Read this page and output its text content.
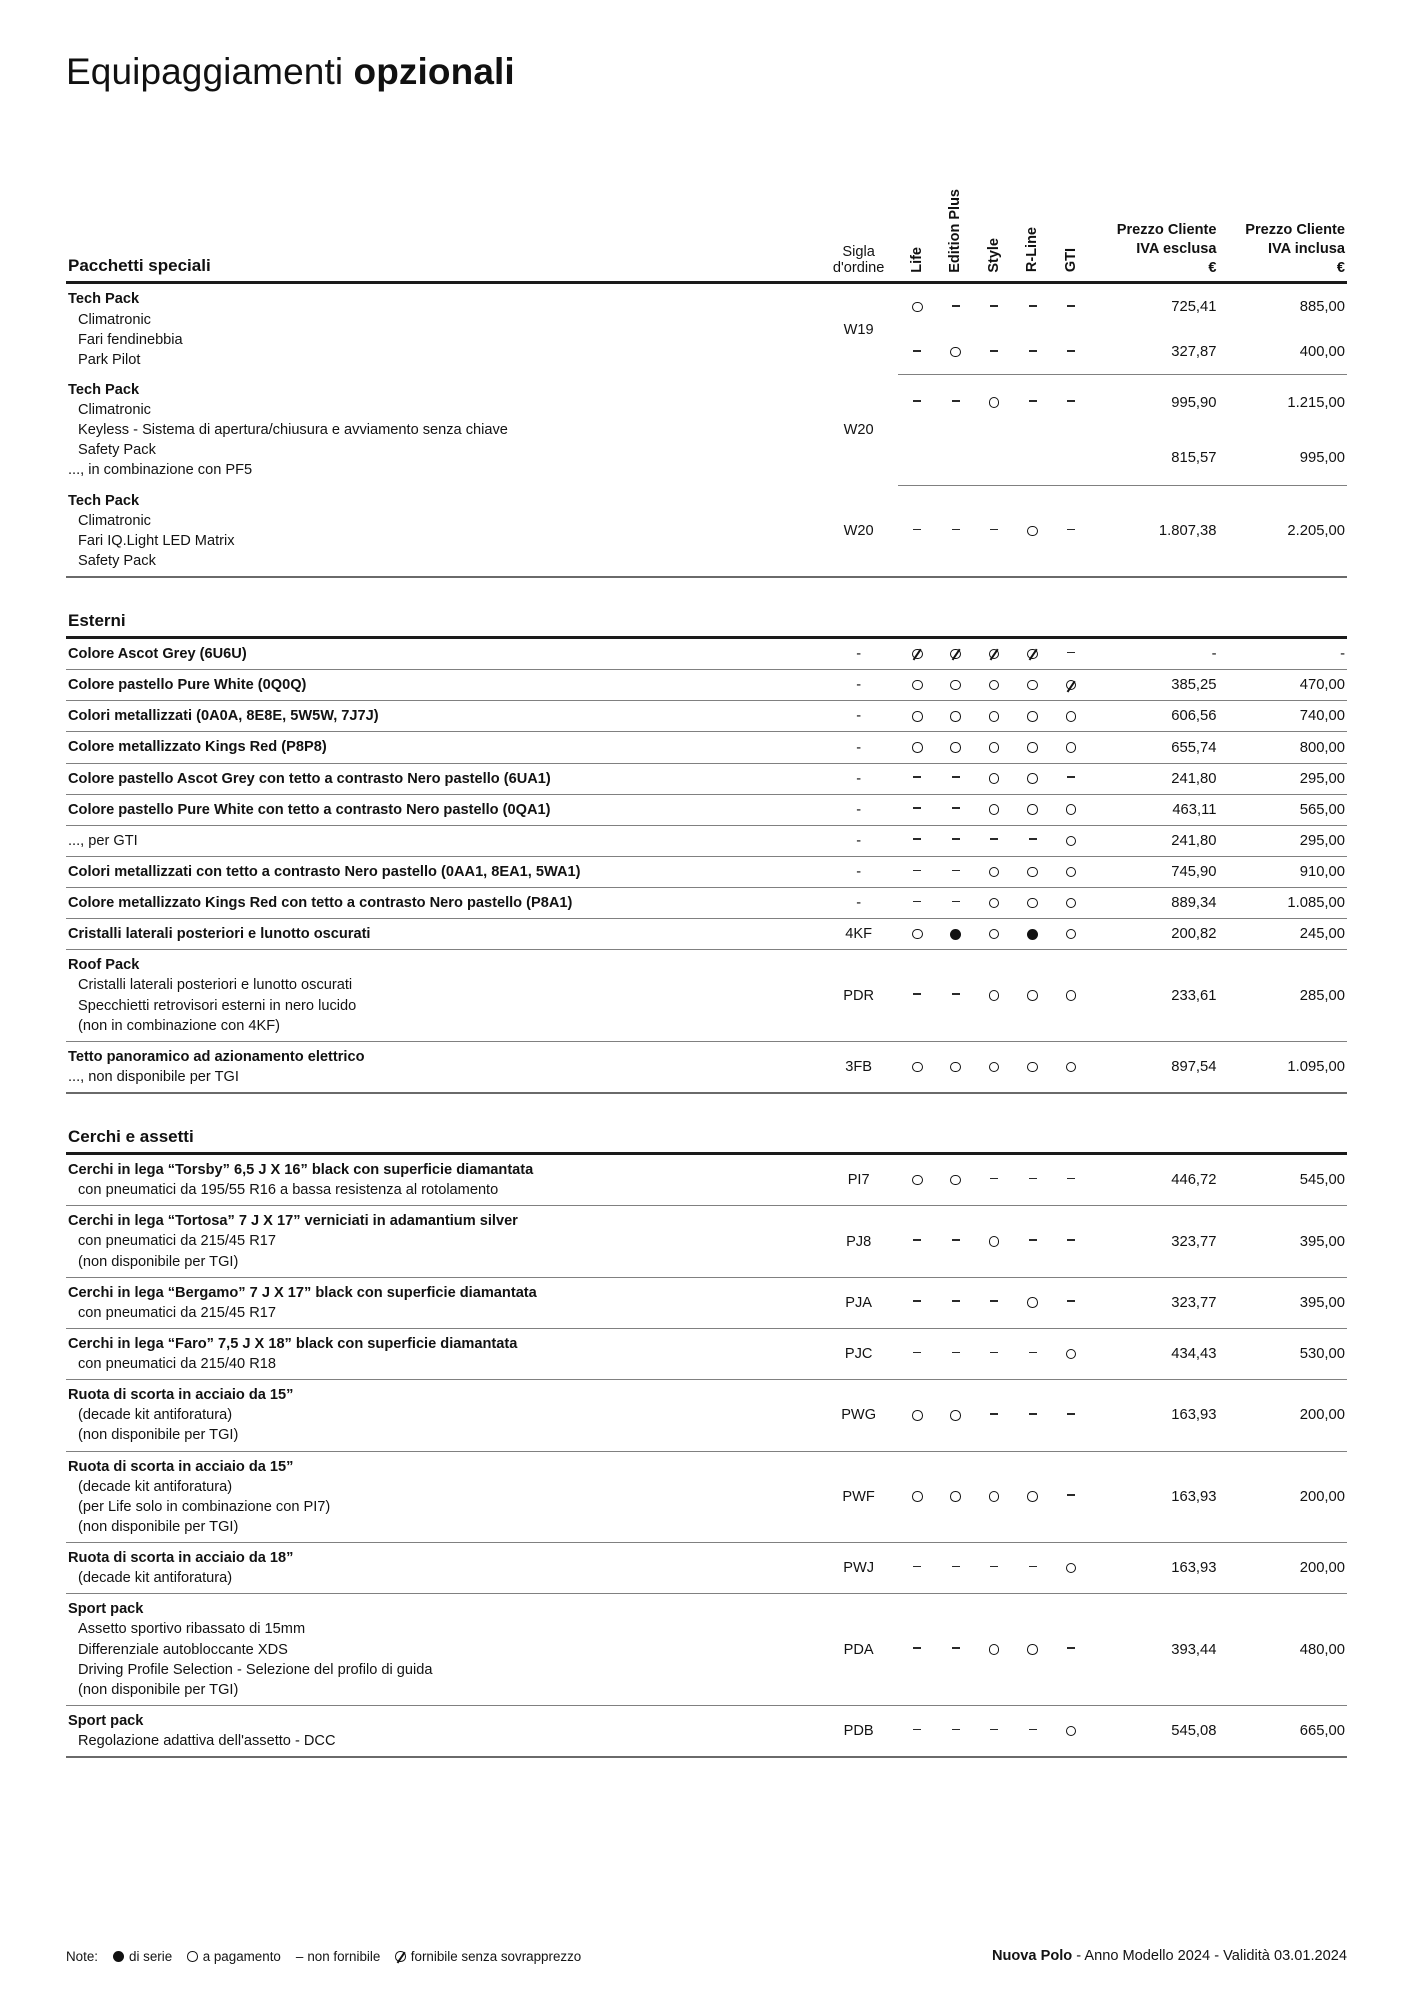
Equipaggiamenti opzionali
Pacchetti speciali	
Sigla
d'ordine	Life	Edition Plus	Style	R-Line	GTI	
Prezzo Cliente
IVA esclusa
€

Prezzo Cliente
IVA inclusa
€

Tech Pack
Climatronic
Fari fendinebbia
Park Pilot	W19						725,41	885,00
							327,87	400,00

Tech Pack
Climatronic
Keyless - Sistema di apertura/chiusura e avviamento senza chiave
Safety Pack
..., in combinazione con PF5	W20						995,90	1.215,00
							815,57	995,00

Tech Pack
Climatronic
Fari IQ.Light LED Matrix
Safety Pack	W20						1.807,38	2.205,00

Esterni								

Colore Ascot Grey (6U6U)	-						-	-

Colore pastello Pure White (0Q0Q)	-						385,25	470,00

Colori metallizzati (0A0A, 8E8E, 5W5W, 7J7J)	-						606,56	740,00

Colore metallizzato Kings Red (P8P8)	-						655,74	800,00

Colore pastello Ascot Grey con tetto a contrasto Nero pastello (6UA1)	-						241,80	295,00

Colore pastello Pure White con tetto a contrasto Nero pastello (0QA1)	-						463,11	565,00

..., per GTI	-						241,80	295,00

Colori metallizzati con tetto a contrasto Nero pastello (0AA1, 8EA1, 5WA1)	-						745,90	910,00

Colore metallizzato Kings Red con tetto a contrasto Nero pastello (P8A1)	-						889,34	1.085,00

Cristalli laterali posteriori e lunotto oscurati	4KF						200,82	245,00

Roof Pack
Cristalli laterali posteriori e lunotto oscurati
Specchietti retrovisori esterni in nero lucido
(non in combinazione con 4KF)	PDR						233,61	285,00

Tetto panoramico ad azionamento elettrico
..., non disponibile per TGI	3FB						897,54	1.095,00

Cerchi e assetti								

Cerchi in lega “Torsby” 6,5 J X 16” black con superficie diamantata
con pneumatici da 195/55 R16 a bassa resistenza al rotolamento	PI7						446,72	545,00

Cerchi in lega “Tortosa” 7 J X 17” verniciati in adamantium silver
con pneumatici da 215/45 R17
(non disponibile per TGI)	PJ8						323,77	395,00

Cerchi in lega “Bergamo” 7 J X 17” black con superficie diamantata
con pneumatici da 215/45 R17	PJA						323,77	395,00

Cerchi in lega “Faro” 7,5 J X 18” black con superficie diamantata
con pneumatici da 215/40 R18	PJC						434,43	530,00

Ruota di scorta in acciaio da 15”
(decade kit antiforatura)
(non disponibile per TGI)	PWG						163,93	200,00

Ruota di scorta in acciaio da 15”
(decade kit antiforatura)
(per Life solo in combinazione con PI7)
(non disponibile per TGI)	PWF						163,93	200,00

Ruota di scorta in acciaio da 18”
(decade kit antiforatura)	PWJ						163,93	200,00

Sport pack
Assetto sportivo ribassato di 15mm
Differenziale autobloccante XDS
Driving Profile Selection - Selezione del profilo di guida
(non disponibile per TGI)	PDA						393,44	480,00

Sport pack
Regolazione adattiva dell'assetto - DCC	PDB						545,08	665,00
Note: di serie a pagamento – non fornibile fornibile senza sovrapprezzo	Nuova Polo - Anno Modello 2024 - Validità 03.01.2024
